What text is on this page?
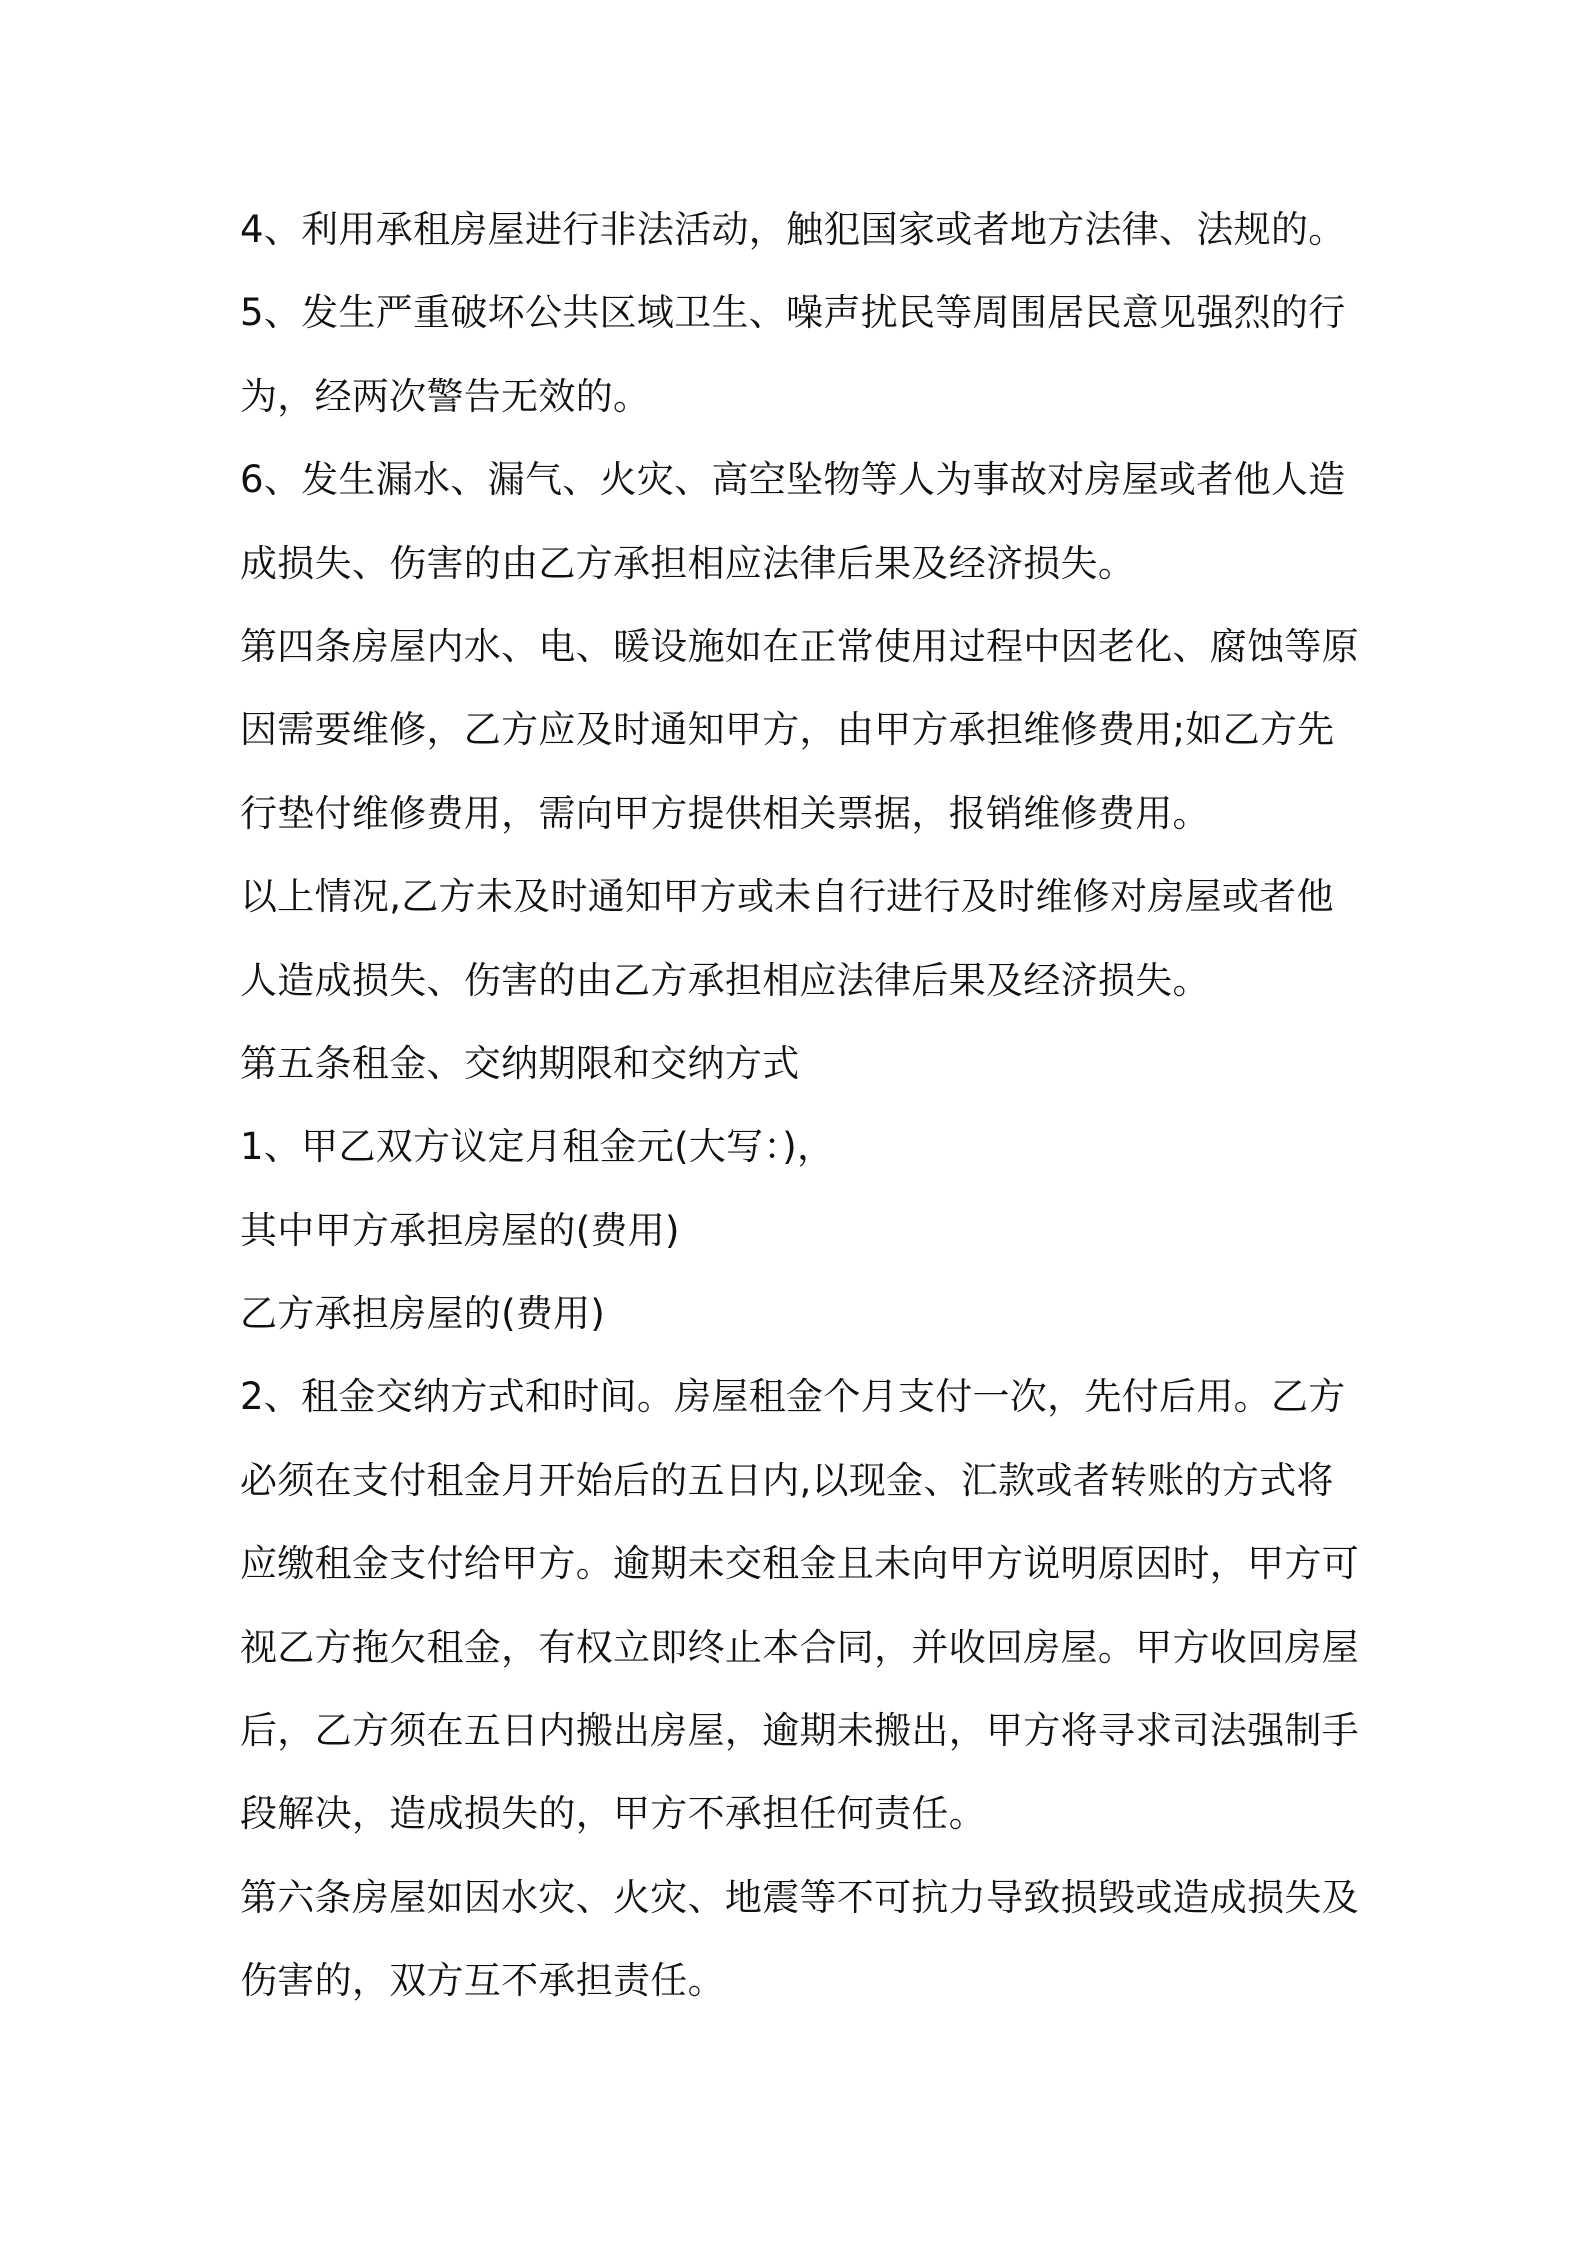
4、利用承租房屋进行非法活动，触犯国家或者地方法律、法规的。
5、发生严重破坏公共区域卫生、噪声扰民等周围居民意见强烈的行
为，经两次警告无效的。
6、发生漏水、漏气、火灾、高空坠物等人为事故对房屋或者他人造
成损失、伤害的由乙方承担相应法律后果及经济损失。
第四条房屋内水、电、暖设施如在正常使用过程中因老化、腐蚀等原
因需要维修，乙方应及时通知甲方，由甲方承担维修费用;如乙方先
行垫付维修费用，需向甲方提供相关票据，报销维修费用。
以上情况,乙方未及时通知甲方或未自行进行及时维修对房屋或者他
人造成损失、伤害的由乙方承担相应法律后果及经济损失。
第五条租金、交纳期限和交纳方式
1、甲乙双方议定月租金元(大写：)，
其中甲方承担房屋的(费用)
乙方承担房屋的(费用)
2、租金交纳方式和时间。房屋租金个月支付一次，先付后用。乙方
必须在支付租金月开始后的五日内,以现金、汇款或者转账的方式将
应缴租金支付给甲方。逾期未交租金且未向甲方说明原因时，甲方可
视乙方拖欠租金，有权立即终止本合同，并收回房屋。甲方收回房屋
后，乙方须在五日内搬出房屋，逾期未搬出，甲方将寻求司法强制手
段解决，造成损失的，甲方不承担任何责任。
第六条房屋如因水灾、火灾、地震等不可抗力导致损毁或造成损失及
伤害的，双方互不承担责任。
